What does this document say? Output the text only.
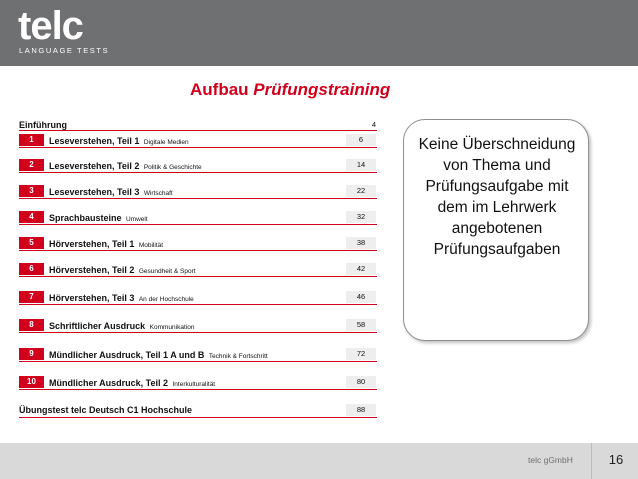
telc
LANGUAGE TESTS
Aufbau Prüfungstraining
Einführung	4
1	Leseverstehen, Teil 1 Digitale Medien	6
2	Leseverstehen, Teil 2 Politik & Geschichte	14
3	Leseverstehen, Teil 3 Wirtschaft	22
4	Sprachbausteine Umwelt	32
5	Hörverstehen, Teil 1 Mobilität	38
6	Hörverstehen, Teil 2 Gesundheit & Sport	42
7	Hörverstehen, Teil 3 An der Hochschule	46
8	Schriftlicher Ausdruck Kommunikation	58
9	Mündlicher Ausdruck, Teil 1 A und B Technik & Fortschritt	72
10	Mündlicher Ausdruck, Teil 2 Interkulturalität	80
Übungstest telc Deutsch C1 Hochschule	88
Keine Überschneidung von Thema und Prüfungsaufgabe mit dem im Lehrwerk angebotenen Prüfungsaufgaben
telc gGmbH	16
